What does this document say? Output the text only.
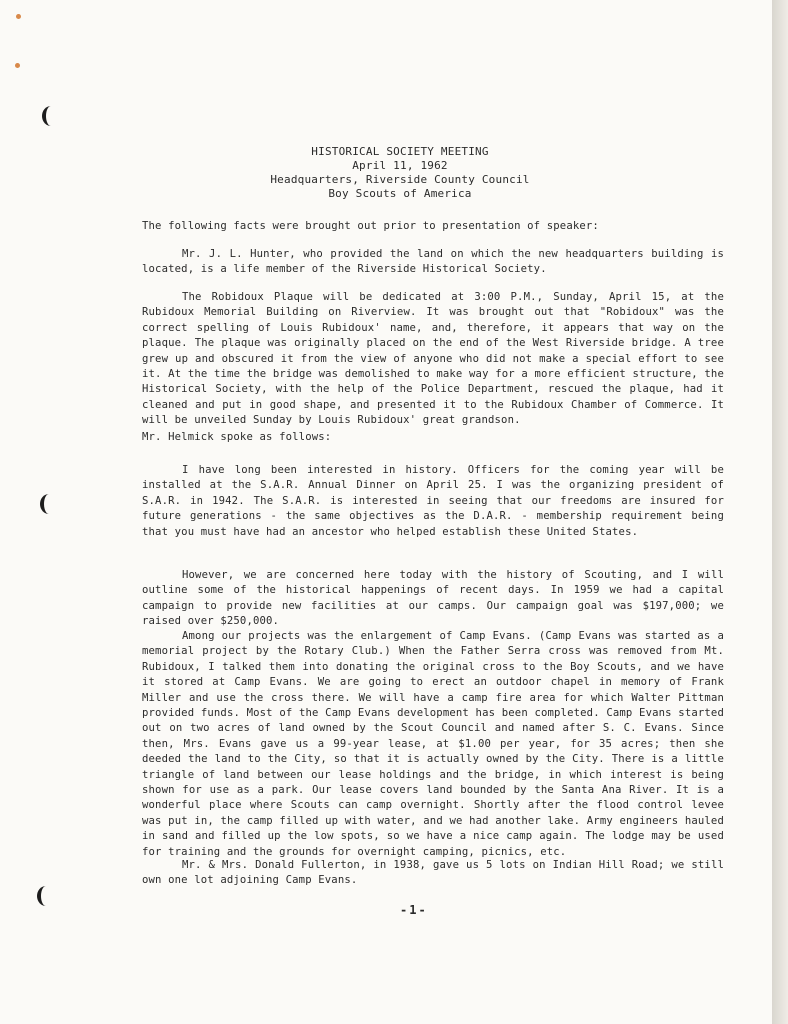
HISTORICAL SOCIETY MEETING
April 11, 1962
Headquarters, Riverside County Council
Boy Scouts of America

The following facts were brought out prior to presentation of speaker:

Mr. J. L. Hunter, who provided the land on which the new headquarters building is located, is a life member of the Riverside Historical Society.

The Robidoux Plaque will be dedicated at 3:00 P.M., Sunday, April 15, at the Rubidoux Memorial Building on Riverview. It was brought out that "Robidoux" was the correct spelling of Louis Rubidoux' name, and, therefore, it appears that way on the plaque. The plaque was originally placed on the end of the West Riverside bridge. A tree grew up and obscured it from the view of anyone who did not make a special effort to see it. At the time the bridge was demolished to make way for a more efficient structure, the Historical Society, with the help of the Police Department, rescued the plaque, had it cleaned and put in good shape, and presented it to the Rubidoux Chamber of Commerce. It will be unveiled Sunday by Louis Rubidoux' great grandson.

Mr. Helmick spoke as follows:

I have long been interested in history. Officers for the coming year will be installed at the S.A.R. Annual Dinner on April 25. I was the organizing president of S.A.R. in 1942. The S.A.R. is interested in seeing that our freedoms are insured for future generations - the same objectives as the D.A.R. - membership requirement being that you must have had an ancestor who helped establish these United States.

However, we are concerned here today with the history of Scouting, and I will outline some of the historical happenings of recent days. In 1959 we had a capital campaign to provide new facilities at our camps. Our campaign goal was $197,000; we raised over $250,000.

Among our projects was the enlargement of Camp Evans. (Camp Evans was started as a memorial project by the Rotary Club.) When the Father Serra cross was removed from Mt. Rubidoux, I talked them into donating the original cross to the Boy Scouts, and we have it stored at Camp Evans. We are going to erect an outdoor chapel in memory of Frank Miller and use the cross there. We will have a camp fire area for which Walter Pittman provided funds. Most of the Camp Evans development has been completed. Camp Evans started out on two acres of land owned by the Scout Council and named after S. C. Evans. Since then, Mrs. Evans gave us a 99-year lease, at $1.00 per year, for 35 acres; then she deeded the land to the City, so that it is actually owned by the City. There is a little triangle of land between our lease holdings and the bridge, in which interest is being shown for use as a park. Our lease covers land bounded by the Santa Ana River. It is a wonderful place where Scouts can camp overnight. Shortly after the flood control levee was put in, the camp filled up with water, and we had another lake. Army engineers hauled in sand and filled up the low spots, so we have a nice camp again. The lodge may be used for training and the grounds for overnight camping, picnics, etc.

Mr. & Mrs. Donald Fullerton, in 1938, gave us 5 lots on Indian Hill Road; we still own one lot adjoining Camp Evans.

-1-
